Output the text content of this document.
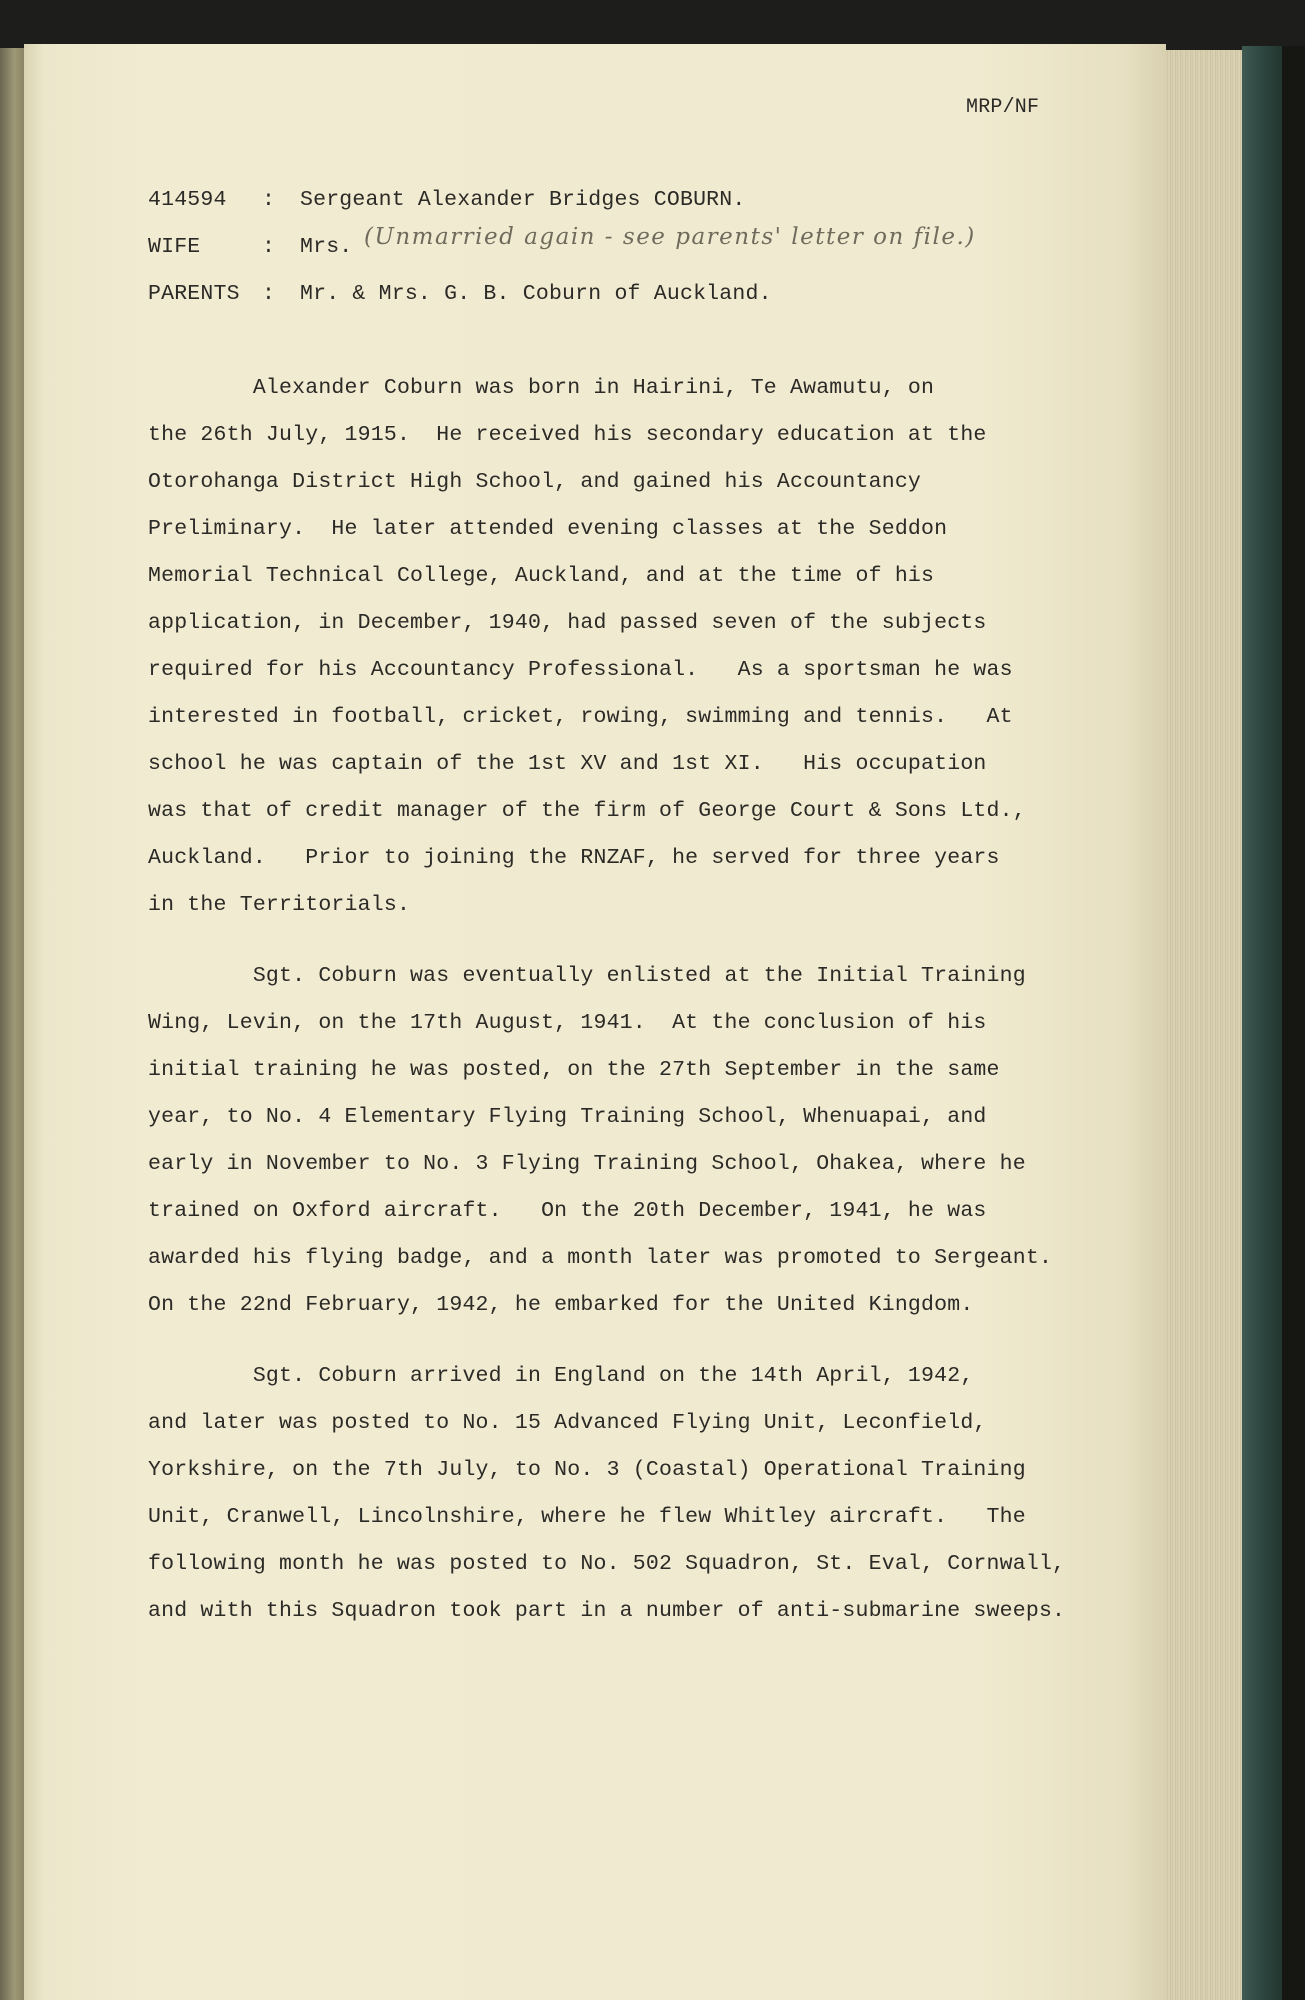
MRP/NF
414594 : Sergeant Alexander Bridges COBURN.
WIFE	: Mrs. (Unmarried again - see parents' letter on file.)
PARENTS : Mr. & Mrs. G. B. Coburn of Auckland.
Alexander Coburn was born in Hairini, Te Awamutu, on
the 26th July, 1915.  He received his secondary education at the
Otorohanga District High School, and gained his Accountancy
Preliminary.  He later attended evening classes at the Seddon
Memorial Technical College, Auckland, and at the time of his
application, in December, 1940, had passed seven of the subjects
required for his Accountancy Professional.   As a sportsman he was
interested in football, cricket, rowing, swimming and tennis.   At
school he was captain of the 1st XV and 1st XI.   His occupation
was that of credit manager of the firm of George Court & Sons Ltd.,
Auckland.   Prior to joining the RNZAF, he served for three years
in the Territorials.
Sgt. Coburn was eventually enlisted at the Initial Training
Wing, Levin, on the 17th August, 1941.  At the conclusion of his
initial training he was posted, on the 27th September in the same
year, to No. 4 Elementary Flying Training School, Whenuapai, and
early in November to No. 3 Flying Training School, Ohakea, where he
trained on Oxford aircraft.   On the 20th December, 1941, he was
awarded his flying badge, and a month later was promoted to Sergeant.
On the 22nd February, 1942, he embarked for the United Kingdom.
Sgt. Coburn arrived in England on the 14th April, 1942,
and later was posted to No. 15 Advanced Flying Unit, Leconfield,
Yorkshire, on the 7th July, to No. 3 (Coastal) Operational Training
Unit, Cranwell, Lincolnshire, where he flew Whitley aircraft.   The
following month he was posted to No. 502 Squadron, St. Eval, Cornwall,
and with this Squadron took part in a number of anti-submarine sweeps.
